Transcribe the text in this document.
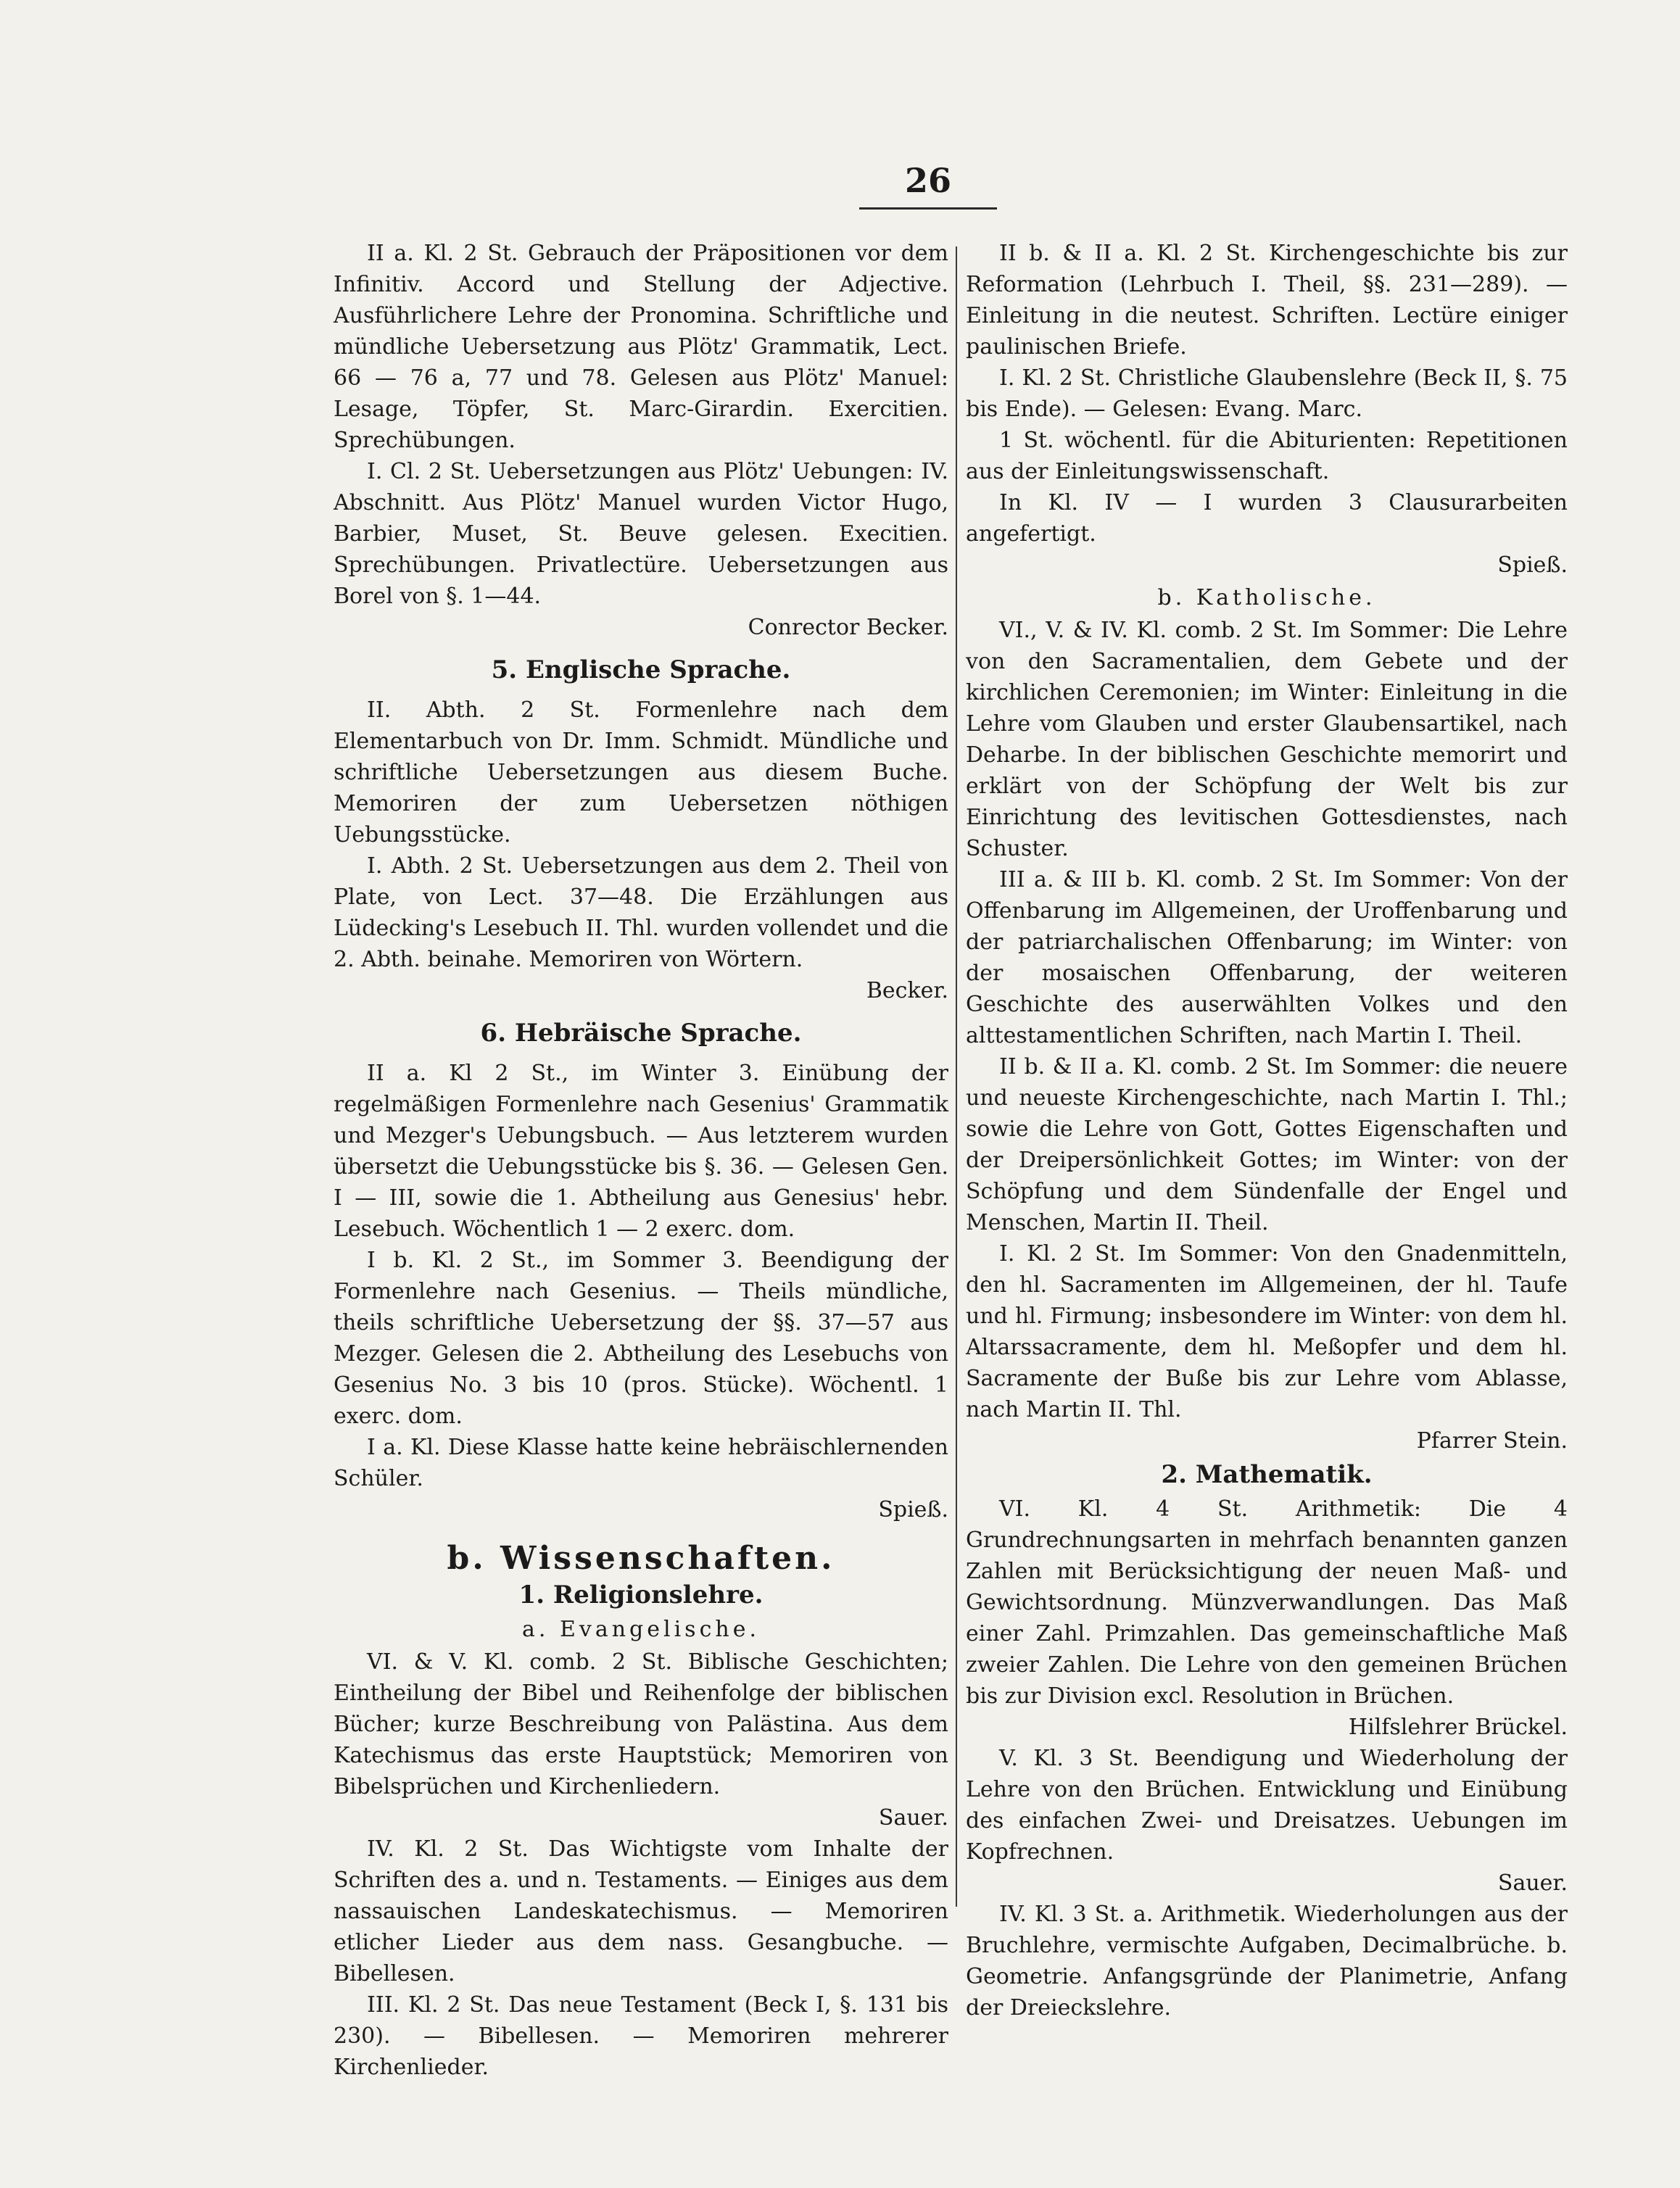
26

II a. Kl. 2 St. Gebrauch der Präpositionen vor dem Infinitiv. Accord und Stellung der Adjective. Ausführlichere Lehre der Pronomina. Schriftliche und mündliche Uebersetzung aus Plötz' Grammatik, Lect. 66 — 76 a, 77 und 78. Gelesen aus Plötz' Manuel: Lesage, Töpfer, St. Marc-Girardin. Exercitien. Sprechübungen.

I. Cl. 2 St. Uebersetzungen aus Plötz' Uebungen: IV. Abschnitt. Aus Plötz' Manuel wurden Victor Hugo, Barbier, Muset, St. Beuve gelesen. Execitien. Sprechübungen. Privatlectüre. Uebersetzungen aus Borel von §. 1—44.

Conrector Becker.

5. Englische Sprache.

II. Abth. 2 St. Formenlehre nach dem Elementarbuch von Dr. Imm. Schmidt. Mündliche und schriftliche Uebersetzungen aus diesem Buche. Memoriren der zum Uebersetzen nöthigen Uebungsstücke.

I. Abth. 2 St. Uebersetzungen aus dem 2. Theil von Plate, von Lect. 37—48. Die Erzählungen aus Lüdecking's Lesebuch II. Thl. wurden vollendet und die 2. Abth. beinahe. Memoriren von Wörtern.

Becker.

6. Hebräische Sprache.

II a. Kl 2 St., im Winter 3. Einübung der regelmäßigen Formenlehre nach Gesenius' Grammatik und Mezger's Uebungsbuch. — Aus letzterem wurden übersetzt die Uebungsstücke bis §. 36. — Gelesen Gen. I — III, sowie die 1. Abtheilung aus Genesius' hebr. Lesebuch. Wöchentlich 1 — 2 exerc. dom.

I b. Kl. 2 St., im Sommer 3. Beendigung der Formenlehre nach Gesenius. — Theils mündliche, theils schriftliche Uebersetzung der §§. 37—57 aus Mezger. Gelesen die 2. Abtheilung des Lesebuchs von Gesenius No. 3 bis 10 (pros. Stücke). Wöchentl. 1 exerc. dom.

I a. Kl. Diese Klasse hatte keine hebräischlernenden Schüler.

Spieß.

b. Wissenschaften.
1. Religionslehre.
a. Evangelische.

VI. & V. Kl. comb. 2 St. Biblische Geschichten; Eintheilung der Bibel und Reihenfolge der biblischen Bücher; kurze Beschreibung von Palästina. Aus dem Katechismus das erste Hauptstück; Memoriren von Bibelsprüchen und Kirchenliedern.

Sauer.

IV. Kl. 2 St. Das Wichtigste vom Inhalte der Schriften des a. und n. Testaments. — Einiges aus dem nassauischen Landeskatechismus. — Memoriren etlicher Lieder aus dem nass. Gesangbuche. — Bibellesen.

III. Kl. 2 St. Das neue Testament (Beck I, §. 131 bis 230). — Bibellesen. — Memoriren mehrerer Kirchenlieder.

II b. & II a. Kl. 2 St. Kirchengeschichte bis zur Reformation (Lehrbuch I. Theil, §§. 231—289). — Einleitung in die neutest. Schriften. Lectüre einiger paulinischen Briefe.

I. Kl. 2 St. Christliche Glaubenslehre (Beck II, §. 75 bis Ende). — Gelesen: Evang. Marc.

1 St. wöchentl. für die Abiturienten: Repetitionen aus der Einleitungswissenschaft.

In Kl. IV — I wurden 3 Clausurarbeiten angefertigt.

Spieß.

b. Katholische.

VI., V. & IV. Kl. comb. 2 St. Im Sommer: Die Lehre von den Sacramentalien, dem Gebete und der kirchlichen Ceremonien; im Winter: Einleitung in die Lehre vom Glauben und erster Glaubensartikel, nach Deharbe. In der biblischen Geschichte memorirt und erklärt von der Schöpfung der Welt bis zur Einrichtung des levitischen Gottesdienstes, nach Schuster.

III a. & III b. Kl. comb. 2 St. Im Sommer: Von der Offenbarung im Allgemeinen, der Uroffenbarung und der patriarchalischen Offenbarung; im Winter: von der mosaischen Offenbarung, der weiteren Geschichte des auserwählten Volkes und den alttestamentlichen Schriften, nach Martin I. Theil.

II b. & II a. Kl. comb. 2 St. Im Sommer: die neuere und neueste Kirchengeschichte, nach Martin I. Thl.; sowie die Lehre von Gott, Gottes Eigenschaften und der Dreipersönlichkeit Gottes; im Winter: von der Schöpfung und dem Sündenfalle der Engel und Menschen, Martin II. Theil.

I. Kl. 2 St. Im Sommer: Von den Gnadenmitteln, den hl. Sacramenten im Allgemeinen, der hl. Taufe und hl. Firmung; insbesondere im Winter: von dem hl. Altarssacramente, dem hl. Meßopfer und dem hl. Sacramente der Buße bis zur Lehre vom Ablasse, nach Martin II. Thl.

Pfarrer Stein.

2. Mathematik.

VI. Kl. 4 St. Arithmetik: Die 4 Grundrechnungsarten in mehrfach benannten ganzen Zahlen mit Berücksichtigung der neuen Maß- und Gewichtsordnung. Münzverwandlungen. Das Maß einer Zahl. Primzahlen. Das gemeinschaftliche Maß zweier Zahlen. Die Lehre von den gemeinen Brüchen bis zur Division excl. Resolution in Brüchen.

Hilfslehrer Brückel.

V. Kl. 3 St. Beendigung und Wiederholung der Lehre von den Brüchen. Entwicklung und Einübung des einfachen Zwei- und Dreisatzes. Uebungen im Kopfrechnen.

Sauer.

IV. Kl. 3 St. a. Arithmetik. Wiederholungen aus der Bruchlehre, vermischte Aufgaben, Decimalbrüche. b. Geometrie. Anfangsgründe der Planimetrie, Anfang der Dreieckslehre.
